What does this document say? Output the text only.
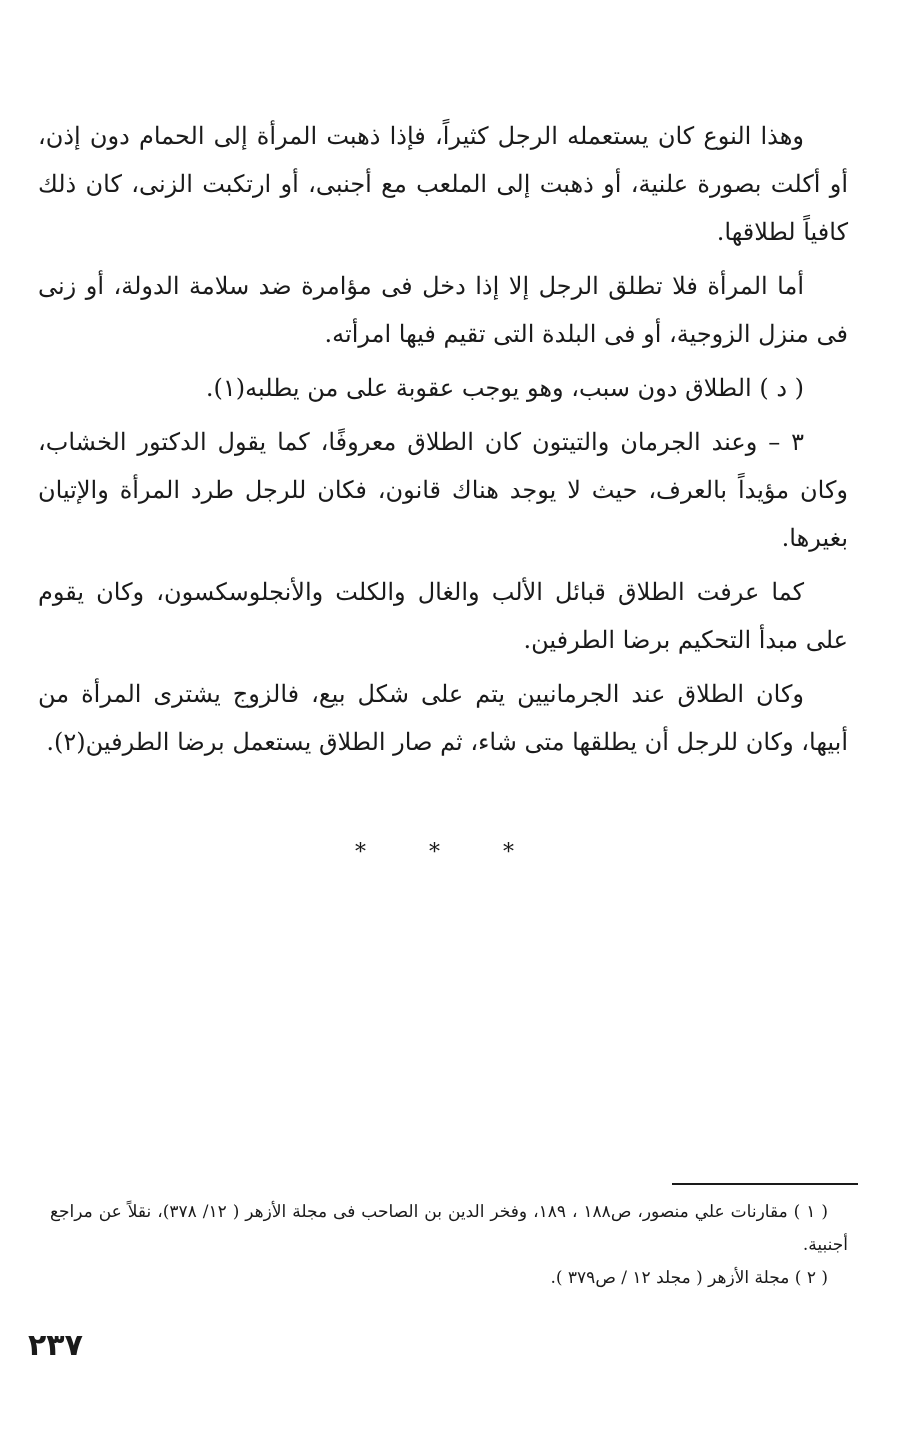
وهذا النوع كان يستعمله الرجل كثيراً، فإذا ذهبت المرأة إلى الحمام دون إذن، أو أكلت بصورة علنية، أو ذهبت إلى الملعب مع أجنبى، أو ارتكبت الزنى، كان ذلك كافياً لطلاقها.

أما المرأة فلا تطلق الرجل إلا إذا دخل فى مؤامرة ضد سلامة الدولة، أو زنى فى منزل الزوجية، أو فى البلدة التى تقيم فيها امرأته.

( د ) الطلاق دون سبب، وهو يوجب عقوبة على من يطلبه(١).

٣ – وعند الجرمان والتيتون كان الطلاق معروفًا، كما يقول الدكتور الخشاب، وكان مؤيداً بالعرف، حيث لا يوجد هناك قانون، فكان للرجل طرد المرأة والإتيان بغيرها.

كما عرفت الطلاق قبائل الألب والغال والكلت والأنجلوسكسون، وكان يقوم على مبدأ التحكيم برضا الطرفين.

وكان الطلاق عند الجرمانيين يتم على شكل بيع، فالزوج يشترى المرأة من أبيها، وكان للرجل أن يطلقها متى شاء، ثم صار الطلاق يستعمل برضا الطرفين(٢).

* * *

( ١ ) مقارنات علي منصور، ص١٨٨ ، ١٨٩، وفخر الدين بن الصاحب فى مجلة الأزهر ( ١٢/ ٣٧٨)، نقلاً عن مراجع أجنبية.

( ٢ ) مجلة الأزهر ( مجلد ١٢ / ص٣٧٩ ).

٢٣٧
